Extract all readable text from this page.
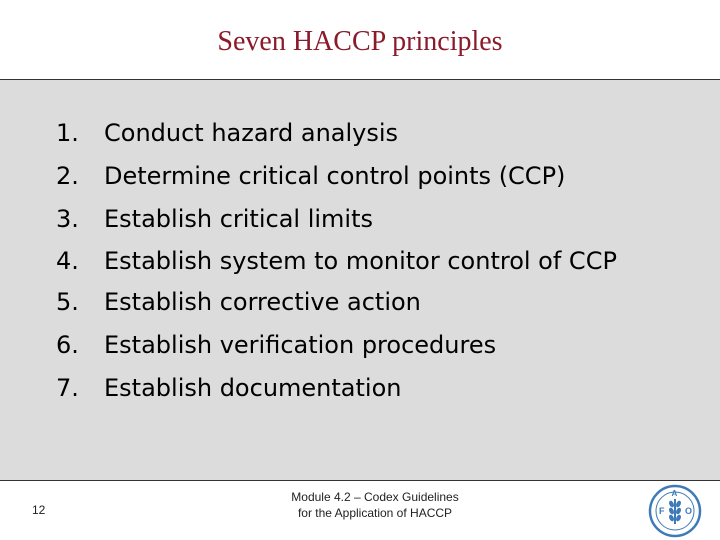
Seven HACCP principles
1.	Conduct hazard analysis
2.	Determine critical control points (CCP)
3.	Establish critical limits
4.	Establish system to monitor control of CCP
5.	Establish corrective action
6.	Establish verification procedures
7.	Establish documentation
12
Module 4.2 – Codex Guidelines
for the Application of HACCP	F
A
O
